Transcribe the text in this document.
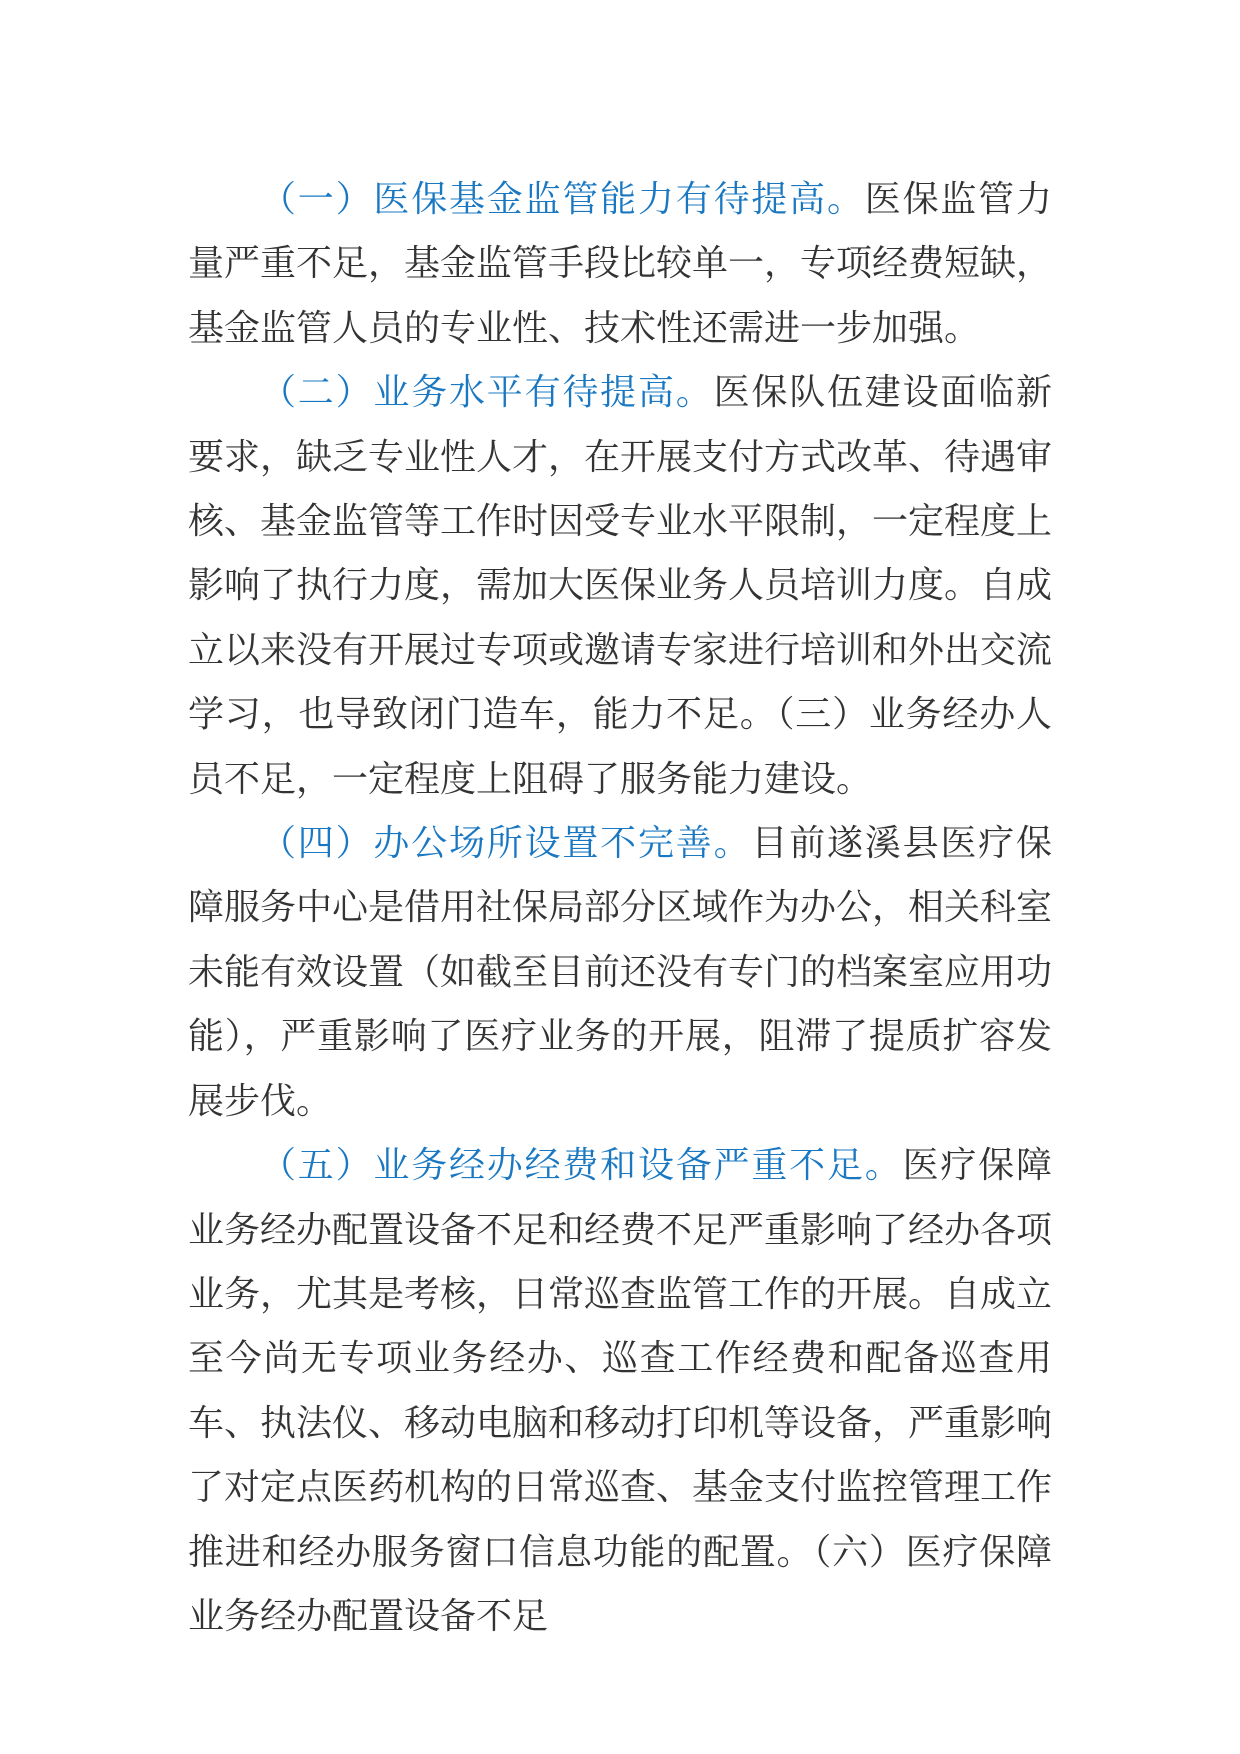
（一）医保基金监管能力有待提高。医保监管力量严重不足，基金监管手段比较单一，专项经费短缺，基金监管人员的专业性、技术性还需进一步加强。

（二）业务水平有待提高。医保队伍建设面临新要求，缺乏专业性人才，在开展支付方式改革、待遇审核、基金监管等工作时因受专业水平限制，一定程度上影响了执行力度，需加大医保业务人员培训力度。自成立以来没有开展过专项或邀请专家进行培训和外出交流学习，也导致闭门造车，能力不足。（三）业务经办人员不足，一定程度上阻碍了服务能力建设。

（四）办公场所设置不完善。目前遂溪县医疗保障服务中心是借用社保局部分区域作为办公，相关科室未能有效设置（如截至目前还没有专门的档案室应用功能），严重影响了医疗业务的开展，阻滞了提质扩容发展步伐。

（五）业务经办经费和设备严重不足。医疗保障业务经办配置设备不足和经费不足严重影响了经办各项业务，尤其是考核，日常巡查监管工作的开展。自成立至今尚无专项业务经办、巡查工作经费和配备巡查用车、执法仪、移动电脑和移动打印机等设备，严重影响了对定点医药机构的日常巡查、基金支付监控管理工作推进和经办服务窗口信息功能的配置。（六）医疗保障业务经办配置设备不足
